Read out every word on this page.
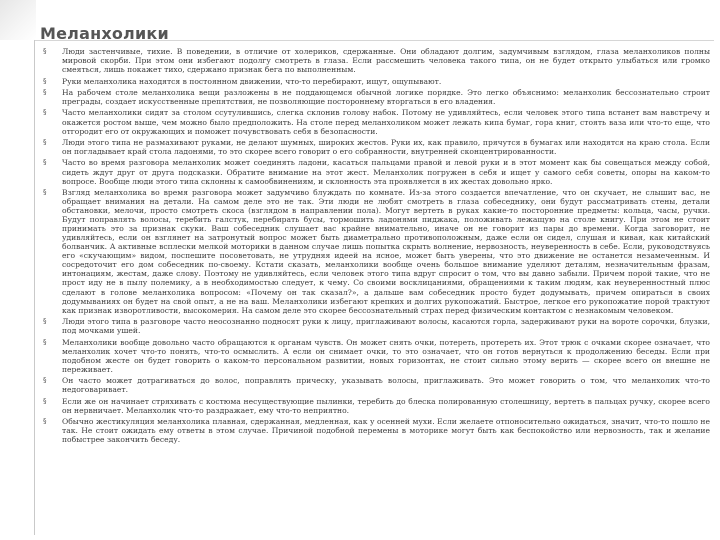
Меланхолики
§ Люди застенчивые, тихие. В поведении, в отличие от холериков, сдержанные. Они обладают долгим, задумчивым взглядом, глаза меланхоликов полны мировой скорби. При этом они избегают подолгу смотреть в глаза. Если рассмешить человека такого типа, он не будет открыто улыбаться или громко смеяться, лишь покажет тихо, сдержано признак бега по выполненным.
§ Руки меланхолика находятся в постоянном движении, что-то перебирают, ищут, ощупывают.
§ На рабочем столе меланхолика вещи разложены в не поддающемся обычной логике порядке. Это легко объяснимо: меланхолик бессознательно строит преграды, создает искусственные препятствия, не позволяющие постороннему вторгаться в его владения.
§ Часто меланхолики сидят за столом ссутулившись, слегка склонив голову набок. Потому не удивляйтесь, если человек этого типа встанет вам навстречу и окажется ростом выше, чем можно было предположить. На столе перед меланхоликом может лежать кипа бумаг, гора книг, стоять ваза или что-то еще, что отгородит его от окружающих и поможет почувствовать себя в безопасности.
§ Люди этого типа не размахивают руками, не делают шумных, широких жестов. Руки их, как правило, прячутся в бумагах или находятся на краю стола. Если он погладывает край стола ладонями, то это скорее всего говорит о его собранности, внутренней сконцентрированности.
§ Часто во время разговора меланхолик может соединять ладони, касаться пальцами правой и левой руки и в этот момент как бы совещаться между собой, сидеть ждут друг от друга подсказки. Обратите внимание на этот жест. Меланхолик погружен в себя и ищет у самого себя советы, опоры на каком-то вопросе. Вообще люди этого типа склонны к самообвинениям, и склонность эта проявляется в их жестах довольно ярко.
§ Взгляд меланхолика во время разговора может задумчиво блуждать по комнате. Из-за этого создается впечатление, что он скучает, не слышит вас, не обращает внимания на детали. На самом деле это не так. Эти люди не любят смотреть в глаза собеседнику, они будут рассматривать стены, детали обстановки, мелочи, просто смотреть скоса (взглядом в направлении пола). Могут вертеть в руках какие-то посторонние предметы: кольца, часы, ручки. Будут поправлять волосы, теребить галстук, перебирать бусы, тормошить ладонями пиджака, положивать лежащую на столе книгу. При этом не стоит принимать это за признак скуки. Ваш собеседник слушает вас крайне внимательно, иначе он не говорит из пары до времени. Когда заговорит, не удивляйтесь, если он взглянет на затронутый вопрос может быть диаметрально противоположным, даже если он сидел, слушая и кивая, как китайский болванчик. А активные всплески мелкой моторики в данном случае лишь попытка скрыть волнение, нервозность, неуверенность в себе. Если, руководствуясь его «скучающим» видом, поспешите посоветовать, не утрудняя идеей на ясное, может быть уверены, что это движение не останется незамеченным. И сосредоточит его дом собеседник по-своему. Кстати сказать, меланхолики вообще очень большое внимание уделяют деталям, незначительным фразам, интонациям, жестам, даже слову. Поэтому не удивляйтесь, если человек этого типа вдруг спросит о том, что вы давно забыли. Причем порой такие, что не прост иду не в пылу полемику, а в необходимостью следует, к чему. Со своими восклицаниями, обращениями к таким людям, как неуверенностный плюс сделают в голове меланхолика вопросом: «Почему он так сказал?», а дальше вам собеседник просто будет додумывать, причем опираться в своих додумываниях он будет на свой опыт, а не на ваш. Меланхолики избегают крепких и долгих рукопожатий. Быстрое, легкое его рукопожатие порой трактуют как признак изворотливости, высокомерия. На самом деле это скорее бессознательный страх перед физическим контактом с незнакомым человеком.
§ Люди этого типа в разговоре часто неосознанно подносят руки к лицу, приглаживают волосы, касаются горла, задерживают руки на вороте сорочки, блузки, под мочками ушей.
§ Меланхолики вообще довольно часто обращаются к органам чувств. Он может снять очки, потереть, протереть их. Этот трюк с очками скорее означает, что меланхолик хочет что-то понять, что-то осмыслить. А если он снимает очки, то это означает, что он готов вернуться к продолжению беседы. Если при подобном жесте он будет говорить о каком-то персональном развитии, новых горизонтах, не стоит сильно этому верить — скорее всего он внешне не переживает.
§ Он часто может дотрагиваться до волос, поправлять прическу, указывать волосы, приглаживать. Это может говорить о том, что меланхолик что-то недоговаривает.
§ Если же он начинает стряхивать с костюма несуществующие пылинки, теребить до блеска полированную столешницу, вертеть в пальцах ручку, скорее всего он нервничает. Меланхолик что-то раздражает, ему что-то неприятно.
§ Обычно жестикуляция меланхолика плавная, сдержанная, медленная, как у осенней мухи. Если желаете отпоносительно ожидаться, значит, что-то пошло не так. Не стоит ожидать ему ответы в этом случае. Причиной подобной перемены в моторике могут быть как беспокойство или нервозность, так и желание побыстрее закончить беседу.
